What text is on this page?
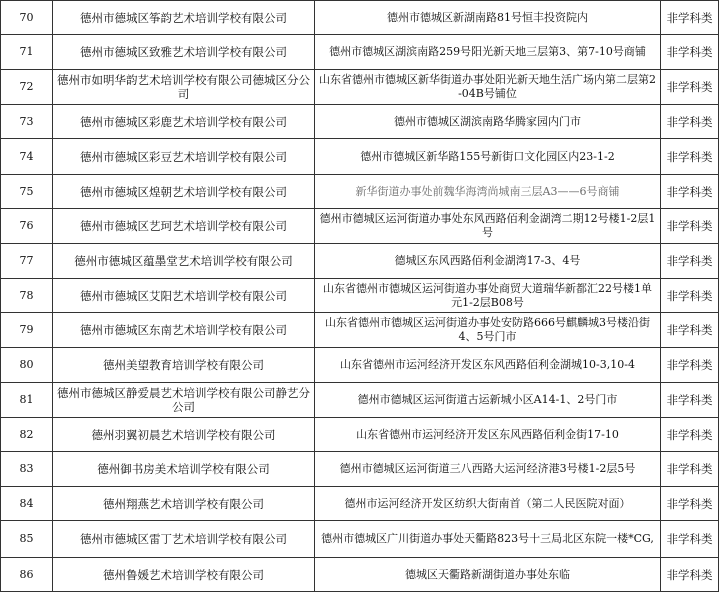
70	德州市德城区筝韵艺术培训学校有限公司	德州市德城区新湖南路81号恒丰投资院内	非学科类
71	德州市德城区致雅艺术培训学校有限公司	德州市德城区湖滨南路259号阳光新天地三层第3、第7-10号商铺	非学科类
72	德州市如明华韵艺术培训学校有限公司德城区分公司	山东省德州市德城区新华街道办事处阳光新天地生活广场内第二层第2-04B号铺位	非学科类
73	德州市德城区彩鹿艺术培训学校有限公司	德州市德城区湖滨南路华腾家园内门市	非学科类
74	德州市德城区彩豆艺术培训学校有限公司	德州市德城区新华路155号新街口文化园区内23-1-2	非学科类
75	德州市德城区煌朝艺术培训学校有限公司	新华街道办事处前魏华海湾尚城南三层A3——6号商铺	非学科类
76	德州市德城区艺珂艺术培训学校有限公司	德州市德城区运河街道办事处东风西路佰利金湖湾二期12号楼1-2层1号	非学科类
77	德州市德城区蕴墨堂艺术培训学校有限公司	德城区东风西路佰利金湖湾17-3、4号	非学科类
78	德州市德城区艾阳艺术培训学校有限公司	山东省德州市德城区运河街道办事处商贸大道瑞华新都汇22号楼1单元1-2层B08号	非学科类
79	德州市德城区东南艺术培训学校有限公司	山东省德州市德城区运河街道办事处安防路666号麒麟城3号楼沿街4、5号门市	非学科类
80	德州美望教育培训学校有限公司	山东省德州市运河经济开发区东风西路佰利金湖城10-3,10-4	非学科类
81	德州市德城区静爱晨艺术培训学校有限公司静艺分公司	德州市德城区运河街道古运新城小区A14-1、2号门市	非学科类
82	德州羽翼初晨艺术培训学校有限公司	山东省德州市运河经济开发区东风西路佰利金街17-10	非学科类
83	德州御书房美术培训学校有限公司	德州市德城区运河街道三八西路大运河经济港3号楼1-2层5号	非学科类
84	德州翔燕艺术培训学校有限公司	德州市运河经济开发区纺织大街南首（第二人民医院对面）	非学科类
85	德州市德城区雷丁艺术培训学校有限公司	德州市德城区广川街道办事处天衢路823号十三局北区东院一楼*CG,	非学科类
86	德州鲁媛艺术培训学校有限公司	德城区天衢路新湖街道办事处东临	非学科类
